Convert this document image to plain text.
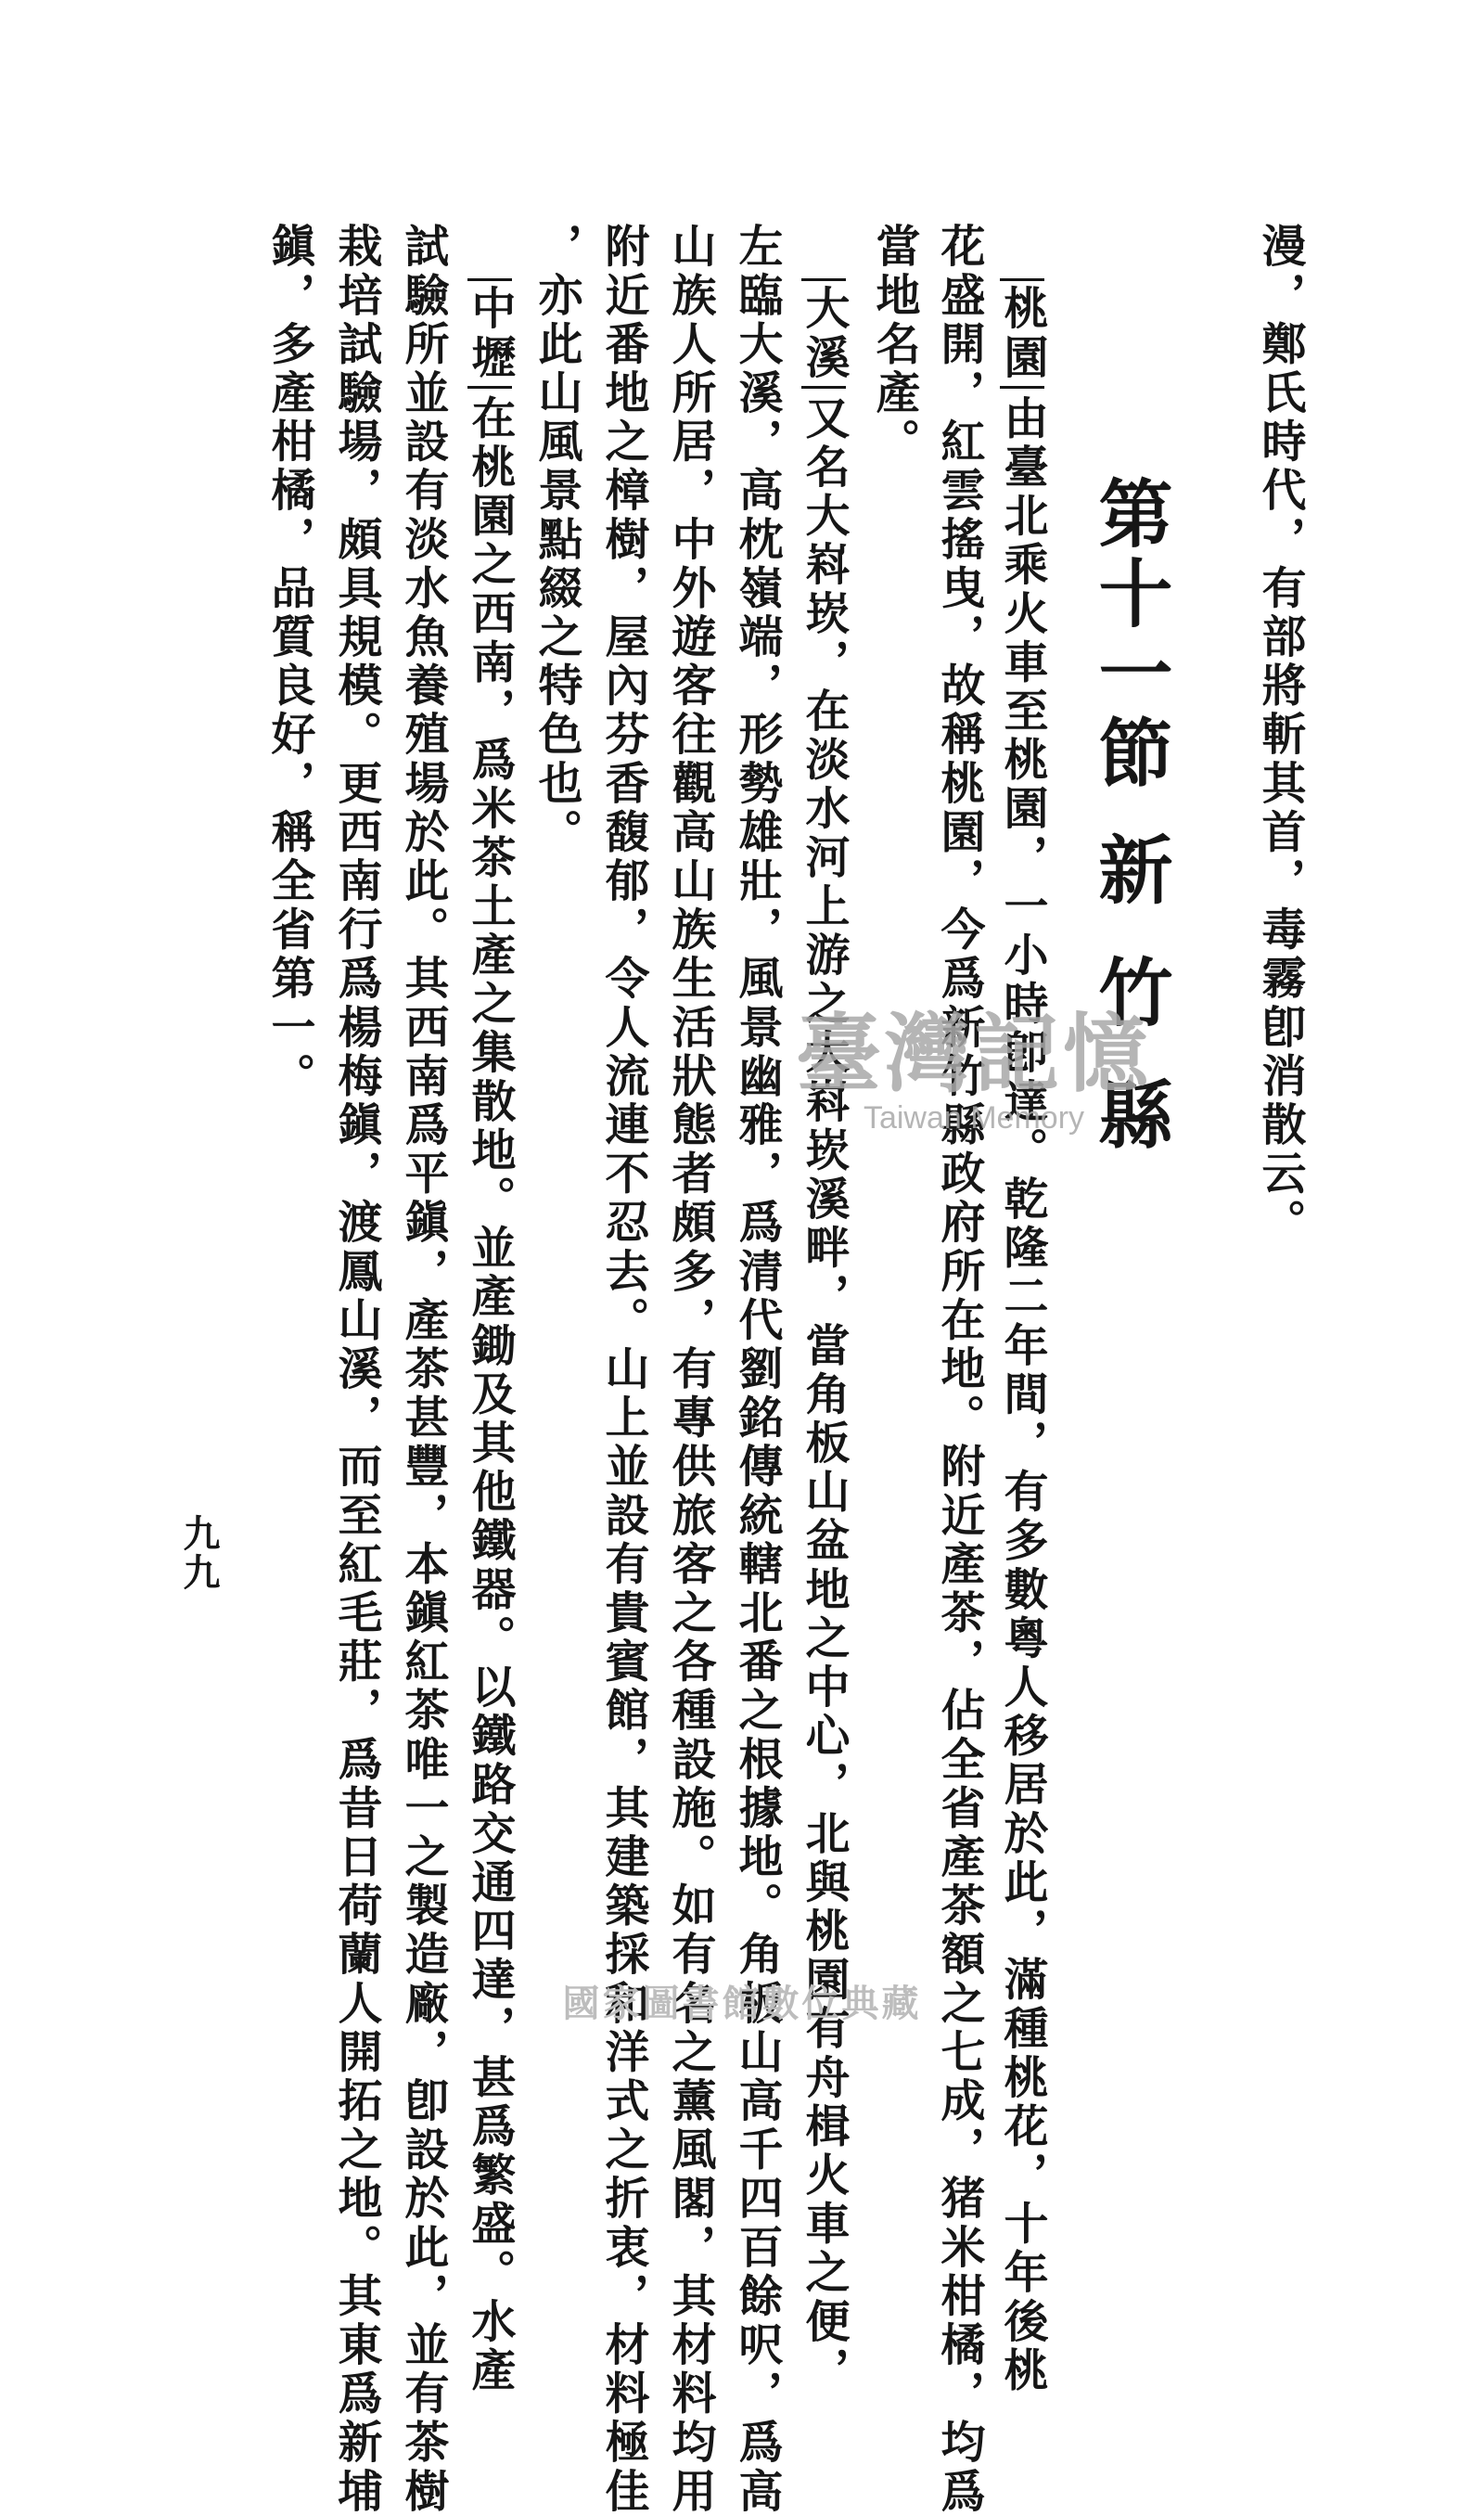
漫，鄭氏時代，有部將斬其首，毒霧卽消散云。
第十一節新竹縣
當地名產。 桃園由臺北乘火車至桃園，一小時卽達。乾隆二年間，有多數粵人移居於此，滿種桃花，十年後桃
花盛開，紅雲搖曳，故稱桃園，今爲新竹縣政府所在地。附近產茶，佔全省產茶額之七成，猪米柑橘，均爲
大溪又名大嵙崁，在淡水河上游之大嵙崁溪畔，當角板山盆地之中心，北與桃園有舟楫火車之便，
左臨大溪，高枕嶺端，形勢雄壯，風景幽雅，爲清代劉銘傳統轄北番之根據地。角板山高千四百餘呎，爲高
山族人所居，中外遊客往觀高山族生活狀態者頗多，有專供旅客之各種設施。如有名之薰風閣，其材料均用
附近番地之樟樹，屋內芬香馥郁，令人流連不忍去。山上並設有貴賓館，其建築採和洋式之折衷，材料極佳
，亦此山風景點綴之特色也。
中壢在桃園之西南，爲米茶土產之集散地。並產鋤及其他鐵器。以鐵路交通四達，甚爲繁盛。水產
試驗所並設有淡水魚養殖場於此。其西南爲平鎭，產茶甚豐，本鎭紅茶唯一之製造廠，卽設於此，並有茶樹
栽培試驗場，頗具規模。更西南行爲楊梅鎭，渡鳳山溪，而至紅毛莊，爲昔日荷蘭人開拓之地。其東爲新埔
鎭，多產柑橘，品質良好，稱全省第一。
九九
臺灣記憶
Taiwan Memory
國家圖書館數位典藏
